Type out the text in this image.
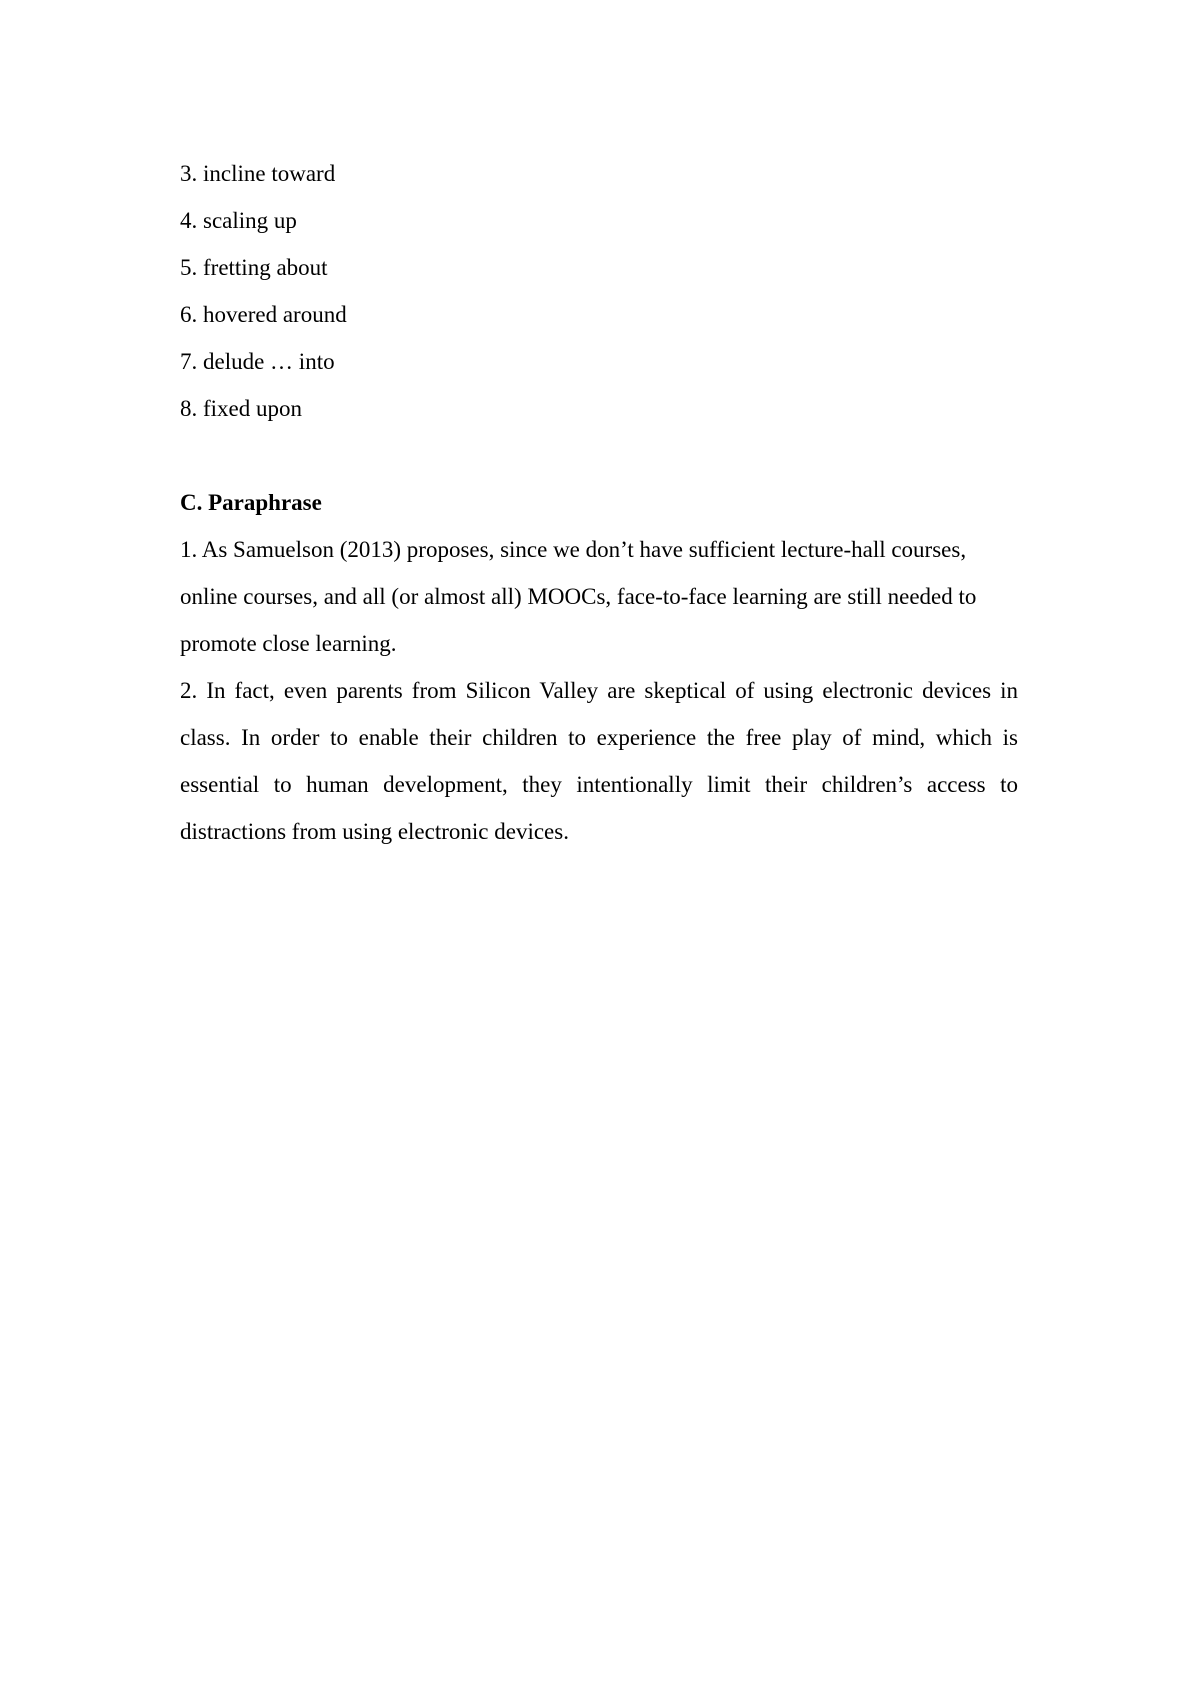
3. incline toward
4. scaling up
5. fretting about
6. hovered around
7. delude … into
8. fixed upon
C. Paraphrase

1. As Samuelson (2013) proposes, since we don’t have sufficient lecture-hall courses, online courses, and all (or almost all) MOOCs, face-to-face learning are still needed to promote close learning.

2. In fact, even parents from Silicon Valley are skeptical of using electronic devices in class. In order to enable their children to experience the free play of mind, which is essential to human development, they intentionally limit their children’s access to distractions from using electronic devices.
